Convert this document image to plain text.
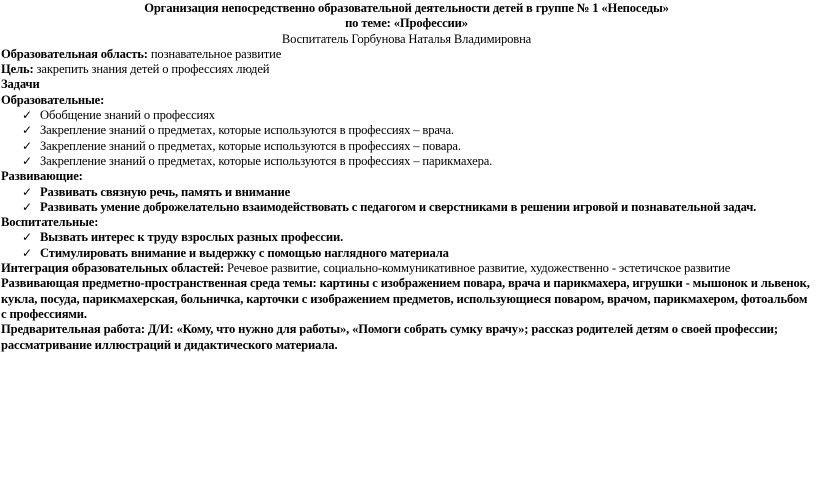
Организация непосредственно образовательной деятельности детей в группе № 1 «Непоседы»
по теме: «Профессии»
Воспитатель Горбунова Наталья Владимировна
Образовательная область: познавательное развитие
Цель: закрепить знания детей о профессиях людей
Задачи
Образовательные:
✓ Обобщение знаний о профессиях
✓ Закрепление знаний о предметах, которые используются в профессиях – врача.
✓ Закрепление знаний о предметах, которые используются в профессиях – повара.
✓ Закрепление знаний о предметах, которые используются в профессиях – парикмахера.
Развивающие:
✓ Развивать связную речь, память и внимание
✓ Развивать умение доброжелательно взаимодействовать с педагогом и сверстниками в решении игровой и познавательной задач.
Воспитательные:
✓ Вызвать интерес к труду взрослых разных профессии.
✓ Стимулировать внимание и выдержку с помощью наглядного материала
Интеграция образовательных областей: Речевое развитие, социально-коммуникативное развитие, художественно - эстетичское развитие
Развивающая предметно-пространственная среда темы: картины с изображением повара, врача и парикмахера, игрушки - мышонок и львенок, кукла, посуда, парикмахерская, больничка, карточки с изображением предметов, использующиеся поваром, врачом, парикмахером, фотоальбом с профессиями.
Предварительная работа: Д/И: «Кому, что нужно для работы», «Помоги собрать сумку врачу»; рассказ родителей детям о своей профессии; рассматривание иллюстраций и дидактического материала.
